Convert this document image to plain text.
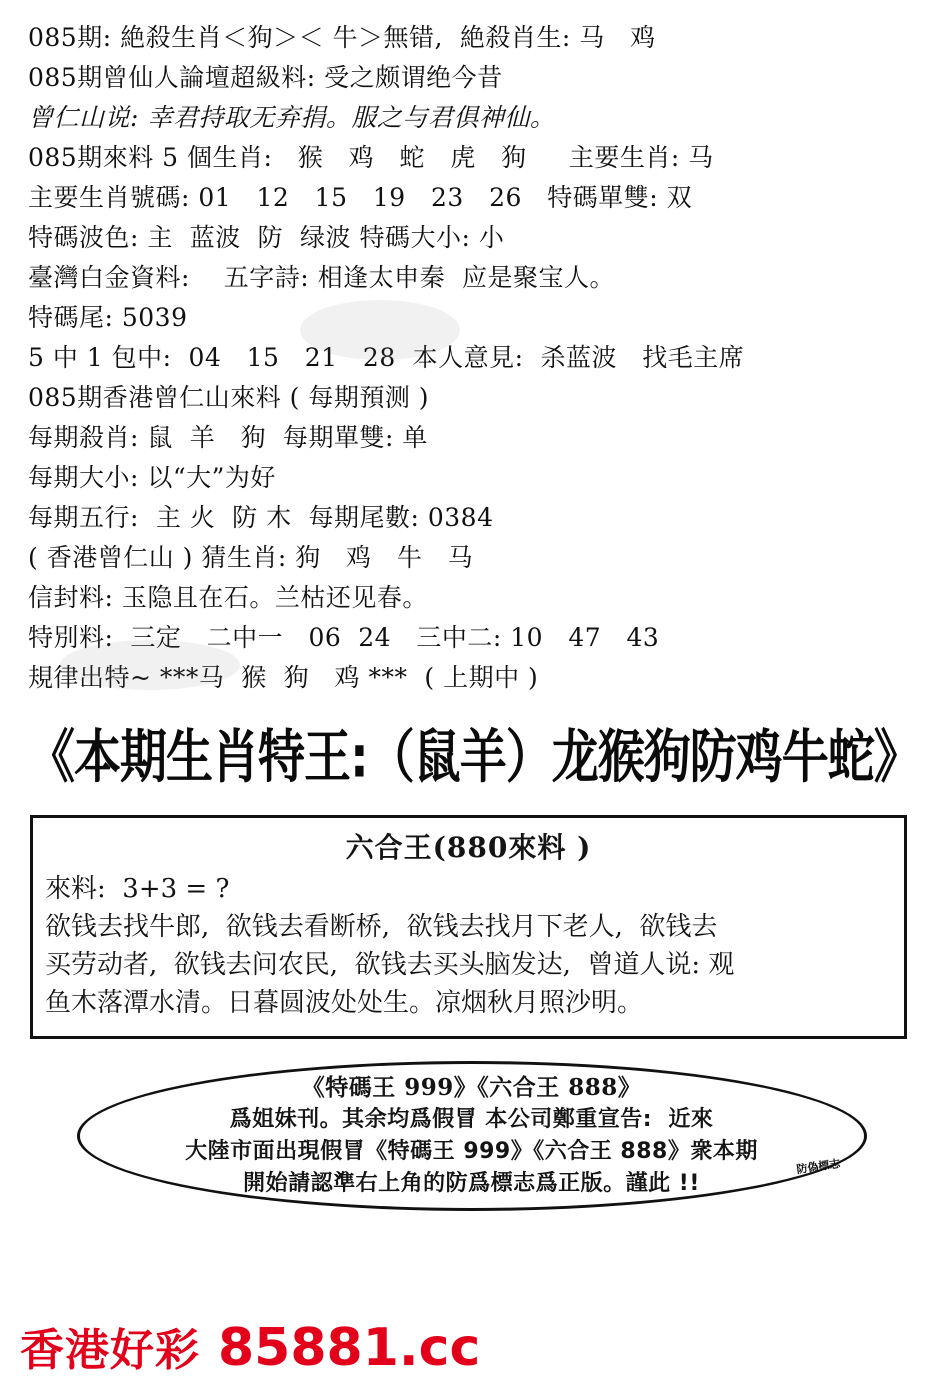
085期: 絶殺生肖＜狗＞＜ 牛＞無错,  絶殺肖生: 马   鸡
085期曾仙人論壇超級料: 受之颇谓绝今昔
曾仁山说: 幸君持取无弃捐。服之与君俱神仙。
085期來料 5 個生肖:   猴   鸡   蛇   虎   狗     主要生肖: 马
主要生肖號碼: 01   12   15   19   23   26   特碼單雙: 双
特碼波色: 主  蓝波  防  绿波 特碼大小: 小
臺灣白金資料:    五字詩: 相逢太申秦  应是聚宝人。
特碼尾: 5039
5 中 1 包中:  04   15   21   28  本人意見:  杀蓝波   找毛主席
085期香港曾仁山來料 ( 每期預测 )
每期殺肖: 鼠  羊   狗  每期單雙: 单
每期大小: 以“大”为好
每期五行:  主 火  防 木  每期尾數: 0384
( 香港曾仁山 ) 猜生肖: 狗   鸡   牛   马
信封料: 玉隐且在石。兰枯还见春。
特別料:  三定   二中一   06  24   三中二: 10   47   43
規律出特~ ***马  猴  狗   鸡 ***  ( 上期中 )
《本期生肖特王:（鼠羊）龙猴狗防鸡牛蛇》
六合王(880來料 )
來料:  3+3 = ?
欲钱去找牛郎,  欲钱去看断桥,  欲钱去找月下老人,  欲钱去
买劳动者,  欲钱去问农民,  欲钱去买头脑发达,  曾道人说: 观
鱼木落潭水清。日暮圆波处处生。凉烟秋月照沙明。
《特碼王 999》《六合王 888》
爲姐妹刊。其余均爲假冒 本公司鄭重宣告:  近來
大陸市面出現假冒《特碼王 999》《六合王 888》衆本期
開始請認準右上角的防爲標志爲正版。謹此 !!
防偽標志
香港好彩 85881.cc
